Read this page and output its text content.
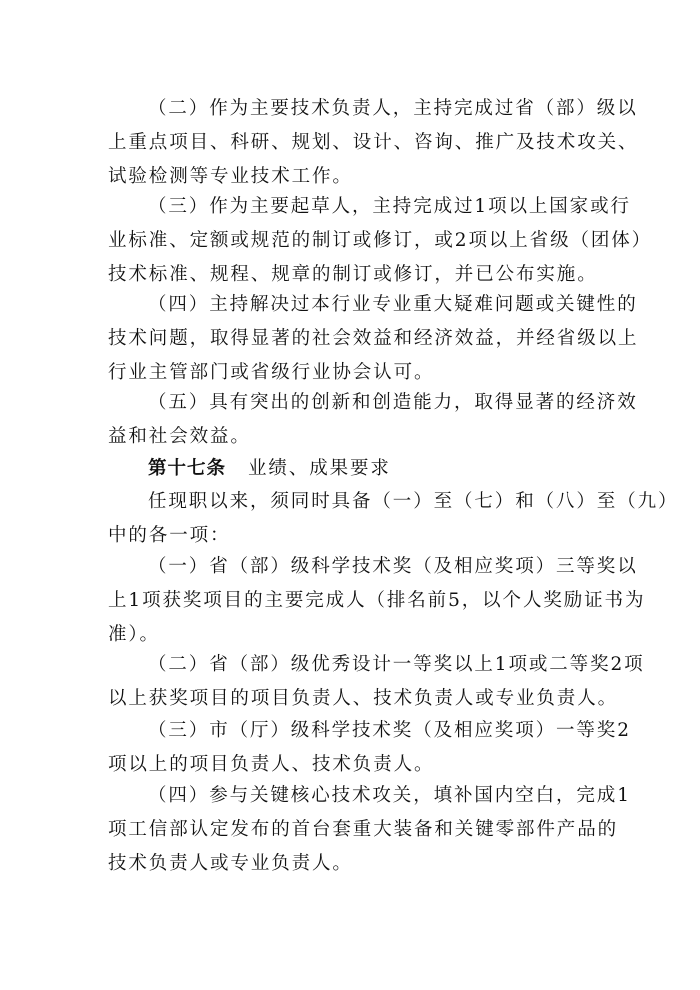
（二）作为主要技术负责人，主持完成过省（部）级以
上重点项目、科研、规划、设计、咨询、推广及技术攻关、
试验检测等专业技术工作。
（三）作为主要起草人，主持完成过1项以上国家或行
业标准、定额或规范的制订或修订，或2项以上省级（团体）
技术标准、规程、规章的制订或修订，并已公布实施。
（四）主持解决过本行业专业重大疑难问题或关键性的
技术问题，取得显著的社会效益和经济效益，并经省级以上
行业主管部门或省级行业协会认可。
（五）具有突出的创新和创造能力，取得显著的经济效
益和社会效益。
第十七条 业绩、成果要求
任现职以来，须同时具备（一）至（七）和（八）至（九）
中的各一项：
（一）省（部）级科学技术奖（及相应奖项）三等奖以
上1项获奖项目的主要完成人（排名前5，以个人奖励证书为
准）。
（二）省（部）级优秀设计一等奖以上1项或二等奖2项
以上获奖项目的项目负责人、技术负责人或专业负责人。
（三）市（厅）级科学技术奖（及相应奖项）一等奖2
项以上的项目负责人、技术负责人。
（四）参与关键核心技术攻关，填补国内空白，完成1
项工信部认定发布的首台套重大装备和关键零部件产品的
技术负责人或专业负责人。
